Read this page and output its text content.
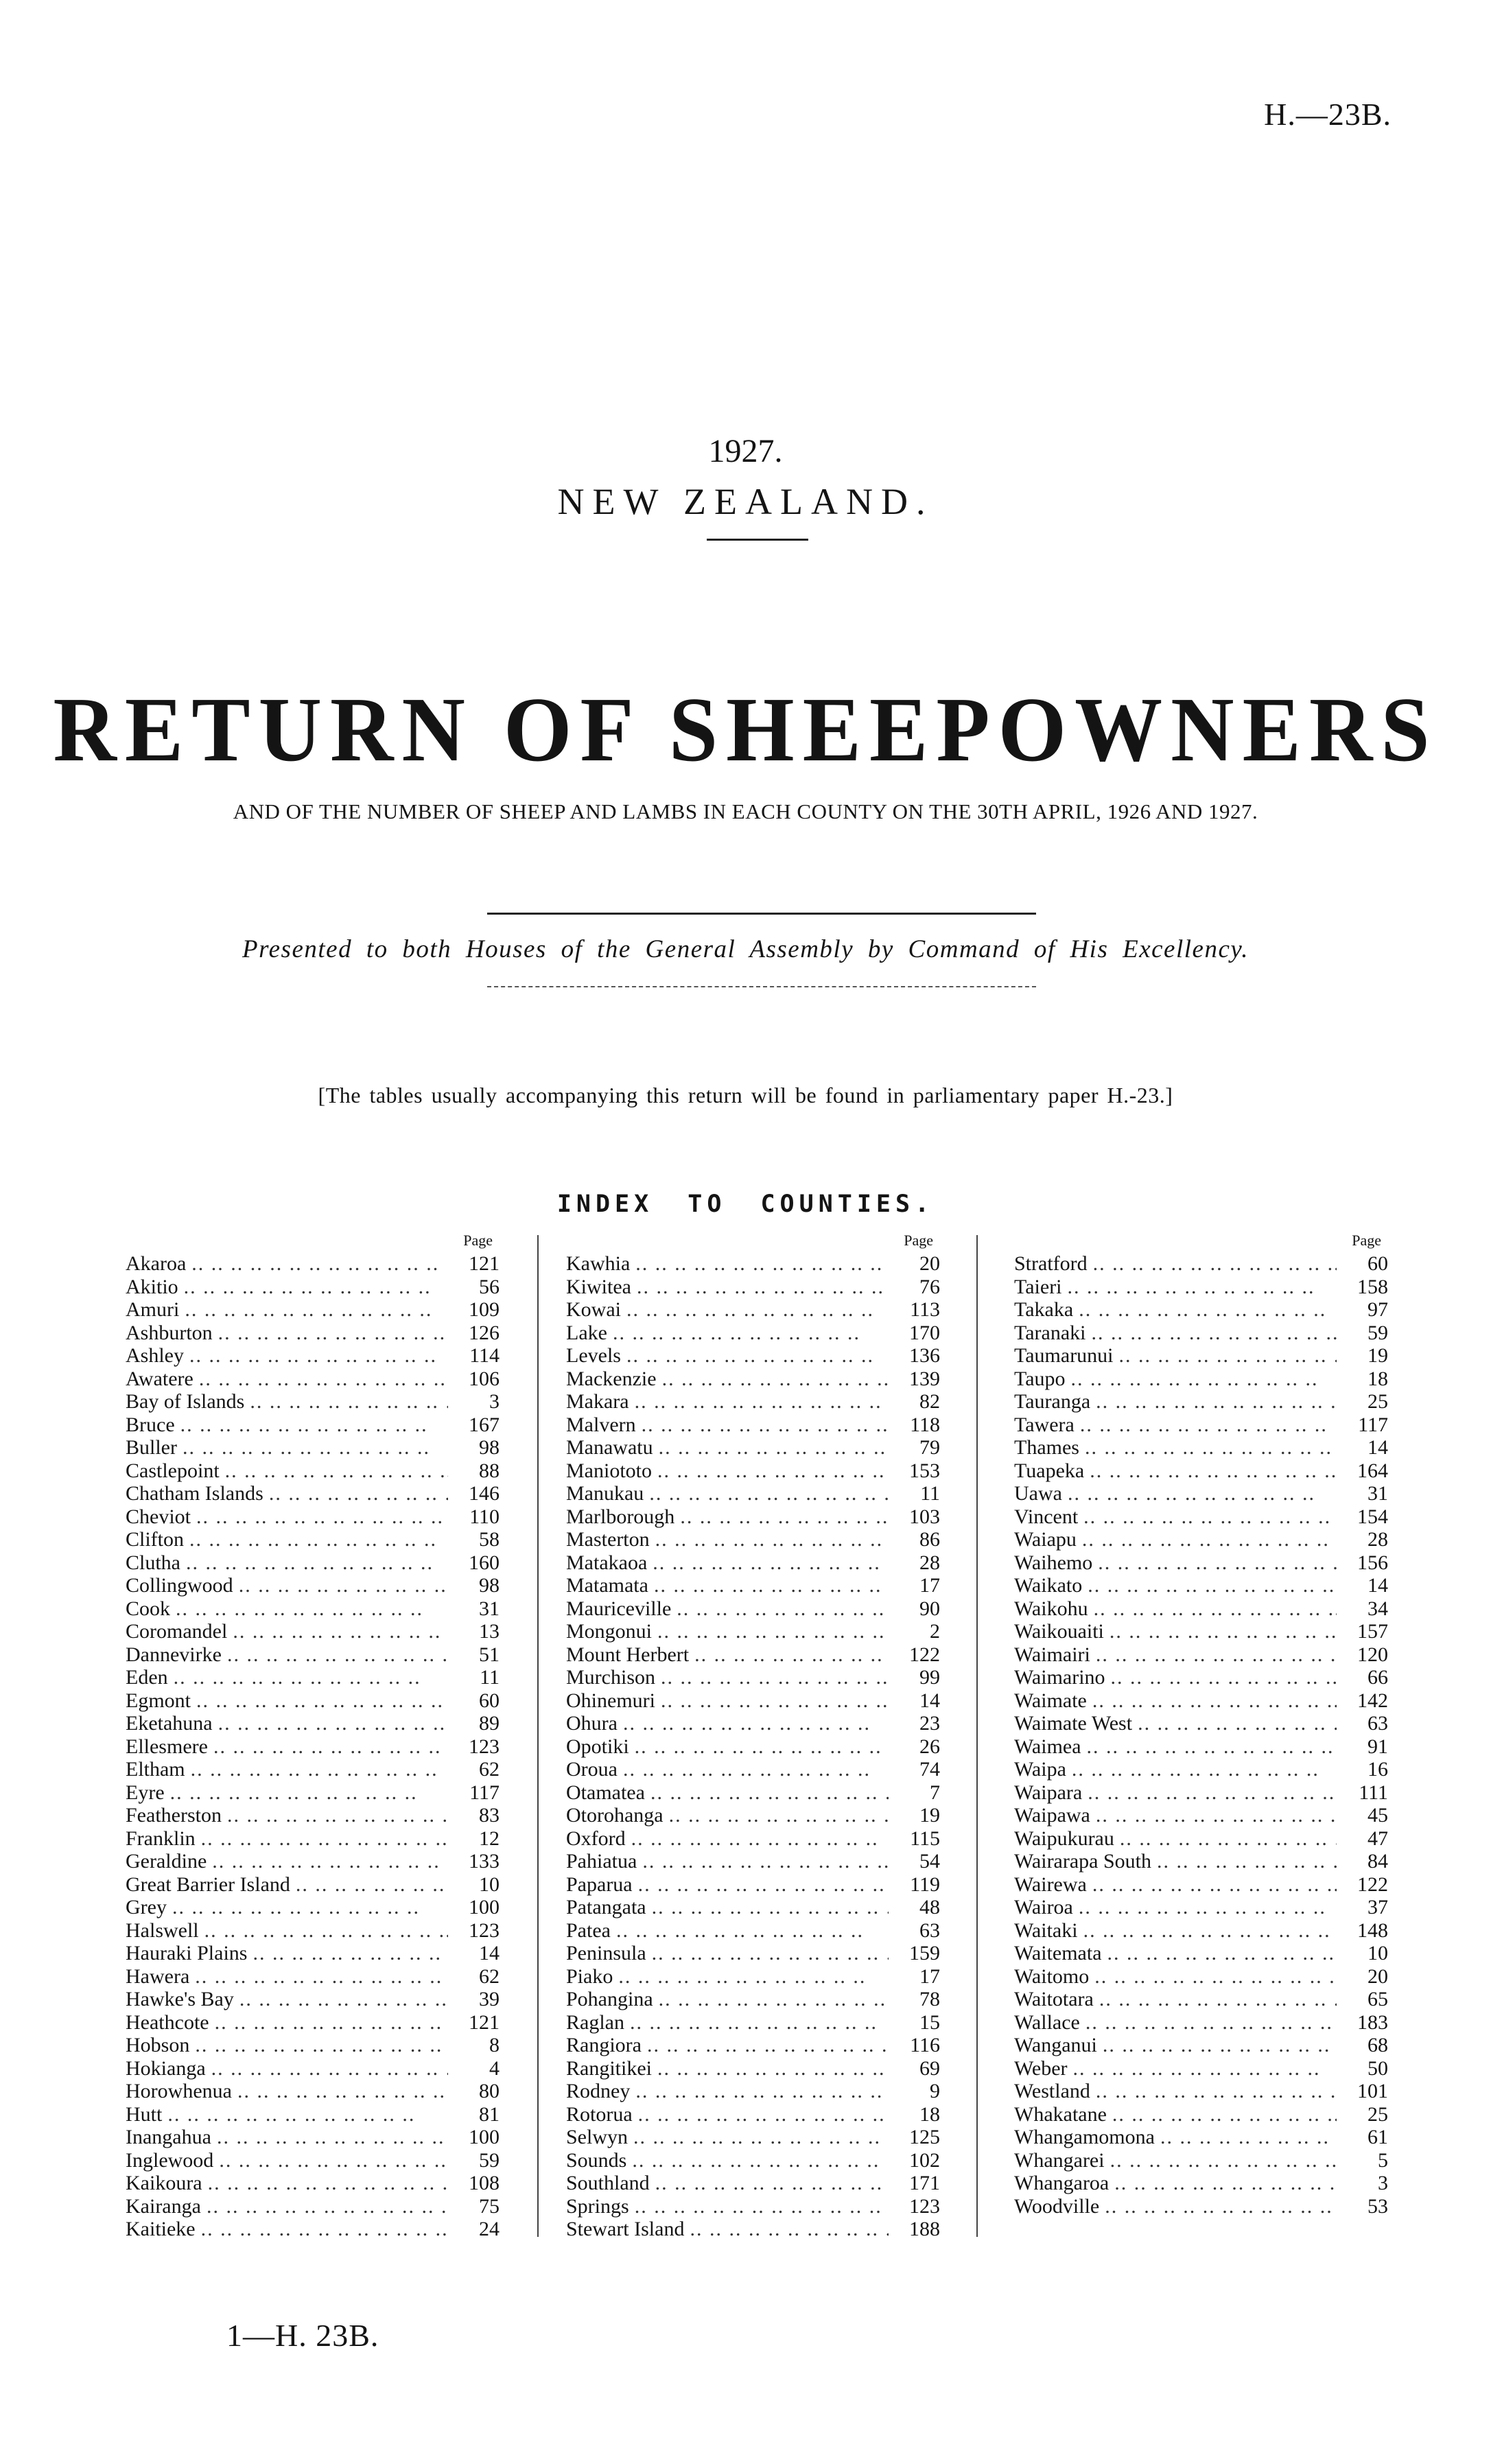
H.—23B.
1927.
NEW ZEALAND.
RETURN OF SHEEPOWNERS
AND OF THE NUMBER OF SHEEP AND LAMBS IN EACH COUNTY ON THE 30TH APRIL, 1926 AND 1927.
Presented to both Houses of the General Assembly by Command of His Excellency.
[The tables usually accompanying this return will be found in parliamentary paper H.-23.]
INDEX TO COUNTIES.
Page
Akaroa .. .	121
Akitio .. .	56
Amuri .. .	109
Ashburton .. .	126
Ashley .. .	114
Awatere .. .	106
Bay of Islands .. .	3
Bruce .. .	167
Buller .. .	98
Castlepoint .. .	88
Chatham Islands .. .	146
Cheviot .. .	110
Clifton .. .	58
Clutha .. .	160
Collingwood .. .	98
Cook .. .	31
Coromandel .. .	13
Dannevirke .. .	51
Eden .. .	11
Egmont .. .	60
Eketahuna .. .	89
Ellesmere .. .	123
Eltham .. .	62
Eyre .. .	117
Featherston .. .	83
Franklin .. .	12
Geraldine .. .	133
Great Barrier Island .. .	10
Grey .. .	100
Halswell .. .	123
Hauraki Plains .. .	14
Hawera .. .	62
Hawke's Bay .. .	39
Heathcote .. .	121
Hobson .. .	8
Hokianga .. .	4
Horowhenua .. .	80
Hutt .. .	81
Inangahua .. .	100
Inglewood .. .	59
Kaikoura .. .	108
Kairanga .. .	75
Kaitieke .. .	24
Page
Kawhia .. .	20
Kiwitea .. .	76
Kowai .. .	113
Lake .. .	170
Levels .. .	136
Mackenzie .. .	139
Makara .. .	82
Malvern .. .	118
Manawatu .. .	79
Maniototo .. .	153
Manukau .. .	11
Marlborough .. .	103
Masterton .. .	86
Matakaoa .. .	28
Matamata .. .	17
Mauriceville .. .	90
Mongonui .. .	2
Mount Herbert .. .	122
Murchison .. .	99
Ohinemuri .. .	14
Ohura .. .	23
Opotiki .. .	26
Oroua .. .	74
Otamatea .. .	7
Otorohanga .. .	19
Oxford .. .	115
Pahiatua .. .	54
Paparua .. .	119
Patangata .. .	48
Patea .. .	63
Peninsula .. .	159
Piako .. .	17
Pohangina .. .	78
Raglan .. .	15
Rangiora .. .	116
Rangitikei .. .	69
Rodney .. .	9
Rotorua .. .	18
Selwyn .. .	125
Sounds .. .	102
Southland .. .	171
Springs .. .	123
Stewart Island .. .	188
Page
Stratford .. .	60
Taieri .. .	158
Takaka .. .	97
Taranaki .. .	59
Taumarunui .. .	19
Taupo .. .	18
Tauranga .. .	25
Tawera .. .	117
Thames .. .	14
Tuapeka .. .	164
Uawa .. .	31
Vincent .. .	154
Waiapu .. .	28
Waihemo .. .	156
Waikato .. .	14
Waikohu .. .	34
Waikouaiti .. .	157
Waimairi .. .	120
Waimarino .. .	66
Waimate .. .	142
Waimate West .. .	63
Waimea .. .	91
Waipa .. .	16
Waipara .. .	111
Waipawa .. .	45
Waipukurau .. .	47
Wairarapa South .. .	84
Wairewa .. .	122
Wairoa .. .	37
Waitaki .. .	148
Waitemata .. .	10
Waitomo .. .	20
Waitotara .. .	65
Wallace .. .	183
Wanganui .. .	68
Weber .. .	50
Westland .. .	101
Whakatane .. .	25
Whangamomona .. .	61
Whangarei .. .	5
Whangaroa .. .	3
Woodville .. .	53
1—H. 23B.
